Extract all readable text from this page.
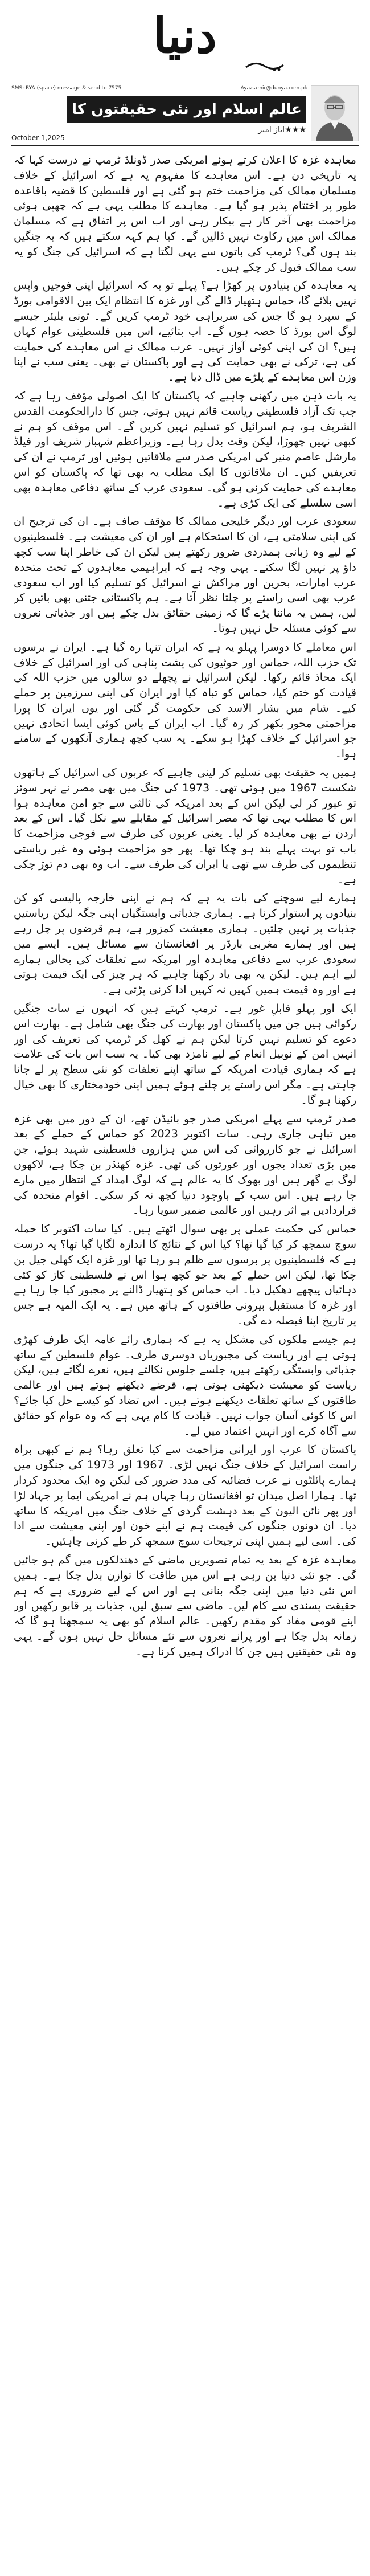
دنیا
SMS: RYA (space) message & send to 7575	Ayaz.amir@dunya.com.pk
عالم اسلام اور نئی حقیقتوں کا ادراک	★★★
ایاز امیر
October 1,2025

معاہدہ غزہ کا اعلان کرتے ہوئے امریکی صدر ڈونلڈ ٹرمپ نے درست کہا کہ یہ تاریخی دن ہے۔ اس معاہدے کا مفہوم یہ ہے کہ اسرائیل کے خلاف مسلمان ممالک کی مزاحمت ختم ہو گئی ہے اور فلسطین کا قضیہ باقاعدہ طور پر اختتام پذیر ہو گیا ہے۔ معاہدے کا مطلب یہی ہے کہ چھپی ہوئی مزاحمت بھی آخر کار ہے بیکار رہی اور اب اس پر اتفاق ہے کہ مسلمان ممالک اس میں رکاوٹ نہیں ڈالیں گے۔ کیا ہم کہہ سکتے ہیں کہ یہ جنگیں بند ہوں گی؟ ٹرمپ کی باتوں سے یہی لگتا ہے کہ اسرائیل کی جنگ کو یہ سب ممالک قبول کر چکے ہیں۔

یہ معاہدہ کن بنیادوں پر کھڑا ہے؟ پہلے تو یہ کہ اسرائیل اپنی فوجیں واپس نہیں بلائے گا، حماس ہتھیار ڈالے گی اور غزہ کا انتظام ایک بین الاقوامی بورڈ کے سپرد ہو گا جس کی سربراہی خود ٹرمپ کریں گے۔ ٹونی بلیئر جیسے لوگ اس بورڈ کا حصہ ہوں گے۔ اب بتائیے، اس میں فلسطینی عوام کہاں ہیں؟ ان کی اپنی کوئی آواز نہیں۔ عرب ممالک نے اس معاہدے کی حمایت کی ہے، ترکی نے بھی حمایت کی ہے اور پاکستان نے بھی۔ یعنی سب نے اپنا وزن اس معاہدے کے پلڑے میں ڈال دیا ہے۔

یہ بات ذہن میں رکھنی چاہیے کہ پاکستان کا ایک اصولی مؤقف رہا ہے کہ جب تک آزاد فلسطینی ریاست قائم نہیں ہوتی، جس کا دارالحکومت القدس الشریف ہو، ہم اسرائیل کو تسلیم نہیں کریں گے۔ اس موقف کو ہم نے کبھی نہیں چھوڑا، لیکن وقت بدل رہا ہے۔ وزیراعظم شہباز شریف اور فیلڈ مارشل عاصم منیر کی امریکی صدر سے ملاقاتیں ہوئیں اور ٹرمپ نے ان کی تعریفیں کیں۔ ان ملاقاتوں کا ایک مطلب یہ بھی تھا کہ پاکستان کو اس معاہدے کی حمایت کرنی ہو گی۔ سعودی عرب کے ساتھ دفاعی معاہدہ بھی اسی سلسلے کی ایک کڑی ہے۔

سعودی عرب اور دیگر خلیجی ممالک کا مؤقف صاف ہے۔ ان کی ترجیح ان کی اپنی سلامتی ہے، ان کا استحکام ہے اور ان کی معیشت ہے۔ فلسطینیوں کے لیے وہ زبانی ہمدردی ضرور رکھتے ہیں لیکن ان کی خاطر اپنا سب کچھ داؤ پر نہیں لگا سکتے۔ یہی وجہ ہے کہ ابراہیمی معاہدوں کے تحت متحدہ عرب امارات، بحرین اور مراکش نے اسرائیل کو تسلیم کیا اور اب سعودی عرب بھی اسی راستے پر چلتا نظر آتا ہے۔ ہم پاکستانی جتنی بھی باتیں کر لیں، ہمیں یہ ماننا پڑے گا کہ زمینی حقائق بدل چکے ہیں اور جذباتی نعروں سے کوئی مسئلہ حل نہیں ہوتا۔

اس معاملے کا دوسرا پہلو یہ ہے کہ ایران تنہا رہ گیا ہے۔ ایران نے برسوں تک حزب اللہ، حماس اور حوثیوں کی پشت پناہی کی اور اسرائیل کے خلاف ایک محاذ قائم رکھا۔ لیکن اسرائیل نے پچھلے دو سالوں میں حزب اللہ کی قیادت کو ختم کیا، حماس کو تباہ کیا اور ایران کی اپنی سرزمین پر حملے کیے۔ شام میں بشار الاسد کی حکومت گر گئی اور یوں ایران کا پورا مزاحمتی محور بکھر کر رہ گیا۔ اب ایران کے پاس کوئی ایسا اتحادی نہیں جو اسرائیل کے خلاف کھڑا ہو سکے۔ یہ سب کچھ ہماری آنکھوں کے سامنے ہوا۔

ہمیں یہ حقیقت بھی تسلیم کر لینی چاہیے کہ عربوں کی اسرائیل کے ہاتھوں شکست 1967 میں ہوئی تھی۔ 1973 کی جنگ میں بھی مصر نے نہر سوئز تو عبور کر لی لیکن اس کے بعد امریکہ کی ثالثی سے جو امن معاہدہ ہوا اس کا مطلب یہی تھا کہ مصر اسرائیل کے مقابلے سے نکل گیا۔ اس کے بعد اردن نے بھی معاہدہ کر لیا۔ یعنی عربوں کی طرف سے فوجی مزاحمت کا باب تو بہت پہلے بند ہو چکا تھا۔ پھر جو مزاحمت ہوئی وہ غیر ریاستی تنظیموں کی طرف سے تھی یا ایران کی طرف سے۔ اب وہ بھی دم توڑ چکی ہے۔

ہمارے لیے سوچنے کی بات یہ ہے کہ ہم نے اپنی خارجہ پالیسی کو کن بنیادوں پر استوار کرنا ہے۔ ہماری جذباتی وابستگیاں اپنی جگہ لیکن ریاستیں جذبات پر نہیں چلتیں۔ ہماری معیشت کمزور ہے، ہم قرضوں پر چل رہے ہیں اور ہمارے مغربی بارڈر پر افغانستان سے مسائل ہیں۔ ایسے میں سعودی عرب سے دفاعی معاہدہ اور امریکہ سے تعلقات کی بحالی ہمارے لیے اہم ہیں۔ لیکن یہ بھی یاد رکھنا چاہیے کہ ہر چیز کی ایک قیمت ہوتی ہے اور وہ قیمت ہمیں کہیں نہ کہیں ادا کرنی پڑتی ہے۔

ایک اور پہلو قابلِ غور ہے۔ ٹرمپ کہتے ہیں کہ انہوں نے سات جنگیں رکوائی ہیں جن میں پاکستان اور بھارت کی جنگ بھی شامل ہے۔ بھارت اس دعوے کو تسلیم نہیں کرتا لیکن ہم نے کھل کر ٹرمپ کی تعریف کی اور انہیں امن کے نوبیل انعام کے لیے نامزد بھی کیا۔ یہ سب اس بات کی علامت ہے کہ ہماری قیادت امریکہ کے ساتھ اپنے تعلقات کو نئی سطح پر لے جانا چاہتی ہے۔ مگر اس راستے پر چلتے ہوئے ہمیں اپنی خودمختاری کا بھی خیال رکھنا ہو گا۔

صدر ٹرمپ سے پہلے امریکی صدر جو بائیڈن تھے، ان کے دور میں بھی غزہ میں تباہی جاری رہی۔ سات اکتوبر 2023 کو حماس کے حملے کے بعد اسرائیل نے جو کارروائی کی اس میں ہزاروں فلسطینی شہید ہوئے، جن میں بڑی تعداد بچوں اور عورتوں کی تھی۔ غزہ کھنڈر بن چکا ہے، لاکھوں لوگ بے گھر ہیں اور بھوک کا یہ عالم ہے کہ لوگ امداد کے انتظار میں مارے جا رہے ہیں۔ اس سب کے باوجود دنیا کچھ نہ کر سکی۔ اقوام متحدہ کی قراردادیں بے اثر رہیں اور عالمی ضمیر سویا رہا۔

حماس کی حکمت عملی پر بھی سوال اٹھتے ہیں۔ کیا سات اکتوبر کا حملہ سوچ سمجھ کر کیا گیا تھا؟ کیا اس کے نتائج کا اندازہ لگایا گیا تھا؟ یہ درست ہے کہ فلسطینیوں پر برسوں سے ظلم ہو رہا تھا اور غزہ ایک کھلی جیل بن چکا تھا، لیکن اس حملے کے بعد جو کچھ ہوا اس نے فلسطینی کاز کو کئی دہائیاں پیچھے دھکیل دیا۔ اب حماس کو ہتھیار ڈالنے پر مجبور کیا جا رہا ہے اور غزہ کا مستقبل بیرونی طاقتوں کے ہاتھ میں ہے۔ یہ ایک المیہ ہے جس پر تاریخ اپنا فیصلہ دے گی۔

ہم جیسے ملکوں کی مشکل یہ ہے کہ ہماری رائے عامہ ایک طرف کھڑی ہوتی ہے اور ریاست کی مجبوریاں دوسری طرف۔ عوام فلسطین کے ساتھ جذباتی وابستگی رکھتے ہیں، جلسے جلوس نکالتے ہیں، نعرے لگاتے ہیں، لیکن ریاست کو معیشت دیکھنی ہوتی ہے، قرضے دیکھنے ہوتے ہیں اور عالمی طاقتوں کے ساتھ تعلقات دیکھنے ہوتے ہیں۔ اس تضاد کو کیسے حل کیا جائے؟ اس کا کوئی آسان جواب نہیں۔ قیادت کا کام یہی ہے کہ وہ عوام کو حقائق سے آگاہ کرے اور انہیں اعتماد میں لے۔

پاکستان کا عرب اور ایرانی مزاحمت سے کیا تعلق رہا؟ ہم نے کبھی براہ راست اسرائیل کے خلاف جنگ نہیں لڑی۔ 1967 اور 1973 کی جنگوں میں ہمارے پائلٹوں نے عرب فضائیہ کی مدد ضرور کی لیکن وہ ایک محدود کردار تھا۔ ہمارا اصل میدان تو افغانستان رہا جہاں ہم نے امریکی ایما پر جہاد لڑا اور پھر نائن الیون کے بعد دہشت گردی کے خلاف جنگ میں امریکہ کا ساتھ دیا۔ ان دونوں جنگوں کی قیمت ہم نے اپنے خون اور اپنی معیشت سے ادا کی۔ اسی لیے ہمیں اپنی ترجیحات سوچ سمجھ کر طے کرنی چاہئیں۔

معاہدہ غزہ کے بعد یہ تمام تصویریں ماضی کے دھندلکوں میں گم ہو جائیں گی۔ جو نئی دنیا بن رہی ہے اس میں طاقت کا توازن بدل چکا ہے۔ ہمیں اس نئی دنیا میں اپنی جگہ بنانی ہے اور اس کے لیے ضروری ہے کہ ہم حقیقت پسندی سے کام لیں۔ ماضی سے سبق لیں، جذبات پر قابو رکھیں اور اپنے قومی مفاد کو مقدم رکھیں۔ عالم اسلام کو بھی یہ سمجھنا ہو گا کہ زمانہ بدل چکا ہے اور پرانے نعروں سے نئے مسائل حل نہیں ہوں گے۔ یہی وہ نئی حقیقتیں ہیں جن کا ادراک ہمیں کرنا ہے۔
